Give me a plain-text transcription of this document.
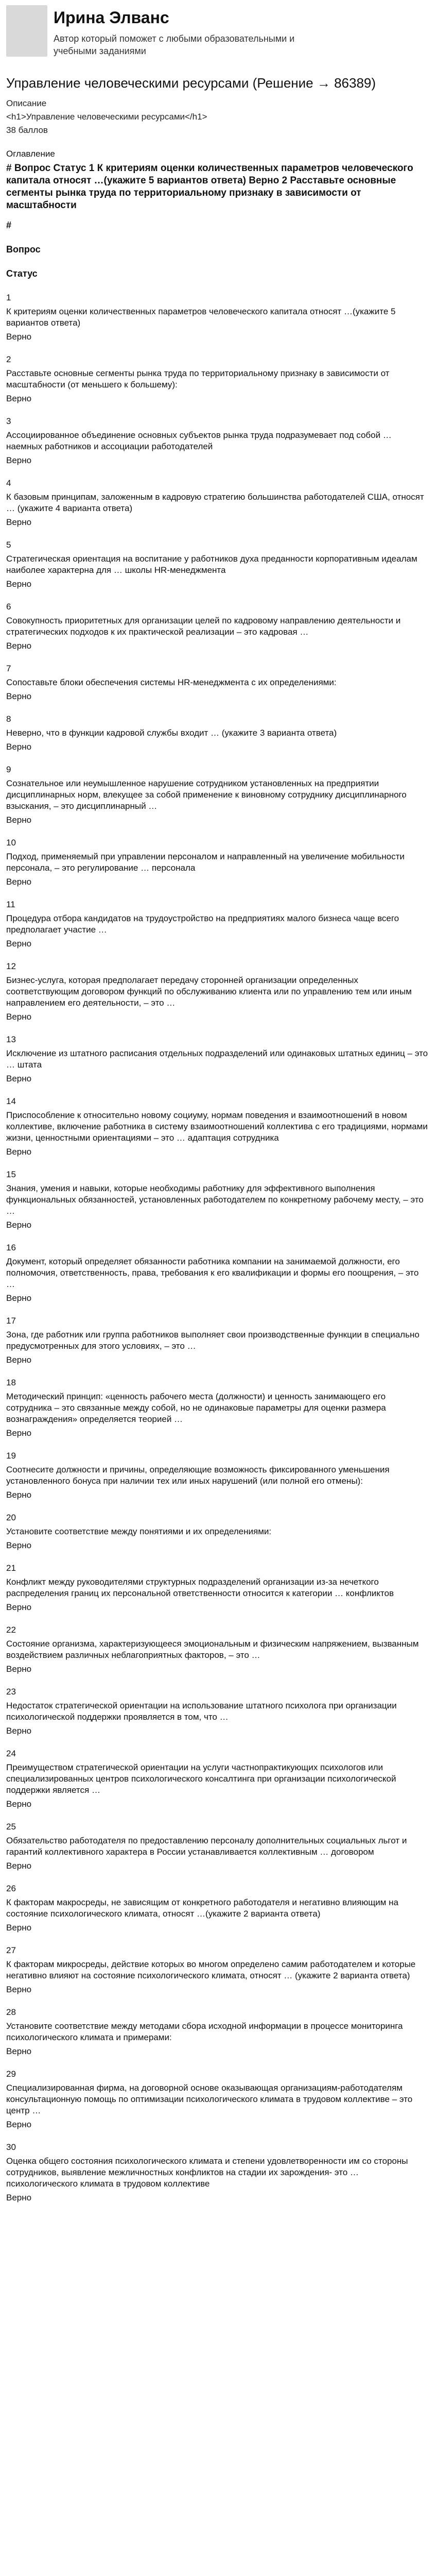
Ирина Элванс
Автор который поможет с любыми образовательными и учебными заданиями
Управление человеческими ресурсами (Решение → 86389)
Описание
<h1>Управление человеческими ресурсами</h1>
38 баллов
Оглавление
# Вопрос Статус 1 К критериям оценки количественных параметров человеческого капитала относят …(укажите 5 вариантов ответа) Верно 2 Расставьте основные сегменты рынка труда по территориальному признаку в зависимости от масштабности
#
Вопрос
Статус
1
К критериям оценки количественных параметров человеческого капитала относят …(укажите 5 вариантов ответа)
Верно
2
Расставьте основные сегменты рынка труда по территориальному признаку в зависимости от масштабности (от меньшего к большему):
Верно
3
Ассоциированное объединение основных субъектов рынка труда подразумевает под собой … наемных работников и ассоциации работодателей
Верно
4
К базовым принципам, заложенным в кадровую стратегию большинства работодателей США, относят … (укажите 4 варианта ответа)
Верно
5
Стратегическая ориентация на воспитание у работников духа преданности корпоративным идеалам наиболее характерна для … школы HR-менеджмента
Верно
6
Совокупность приоритетных для организации целей по кадровому направлению деятельности и стратегических подходов к их практической реализации – это кадровая …
Верно
7
Сопоставьте блоки обеспечения системы HR-менеджмента с их определениями:
Верно
8
Неверно, что в функции кадровой службы входит … (укажите 3 варианта ответа)
Верно
9
Сознательное или неумышленное нарушение сотрудником установленных на предприятии дисциплинарных норм, влекущее за собой применение к виновному сотруднику дисциплинарного взыскания, – это дисциплинарный …
Верно
10
Подход, применяемый при управлении персоналом и направленный на увеличение мобильности персонала, – это регулирование … персонала
Верно
11
Процедура отбора кандидатов на трудоустройство на предприятиях малого бизнеса чаще всего предполагает участие …
Верно
12
Бизнес-услуга, которая предполагает передачу сторонней организации определенных соответствующим договором функций по обслуживанию клиента или по управлению тем или иным направлением его деятельности, – это …
Верно
13
Исключение из штатного расписания отдельных подразделений или одинаковых штатных единиц – это … штата
Верно
14
Приспособление к относительно новому социуму, нормам поведения и взаимоотношений в новом коллективе, включение работника в систему взаимоотношений коллектива с его традициями, нормами жизни, ценностными ориентациями – это … адаптация сотрудника
Верно
15
Знания, умения и навыки, которые необходимы работнику для эффективного выполнения функциональных обязанностей, установленных работодателем по конкретному рабочему месту, – это …
Верно
16
Документ, который определяет обязанности работника компании на занимаемой должности, его полномочия, ответственность, права, требования к его квалификации и формы его поощрения, – это …
Верно
17
Зона, где работник или группа работников выполняет свои производственные функции в специально предусмотренных для этого условиях, – это …
Верно
18
Методический принцип: «ценность рабочего места (должности) и ценность занимающего его сотрудника – это связанные между собой, но не одинаковые параметры для оценки размера вознаграждения» определяется теорией …
Верно
19
Соотнесите должности и причины, определяющие возможность фиксированного уменьшения установленного бонуса при наличии тех или иных нарушений (или полной его отмены):
Верно
20
Установите соответствие между понятиями и их определениями:
Верно
21
Конфликт между руководителями структурных подразделений организации из-за нечеткого распределения границ их персональной ответственности относится к категории … конфликтов
Верно
22
Состояние организма, характеризующееся эмоциональным и физическим напряжением, вызванным воздействием различных неблагоприятных факторов, – это …
Верно
23
Недостаток стратегической ориентации на использование штатного психолога при организации психологической поддержки проявляется в том, что …
Верно
24
Преимуществом стратегической ориентации на услуги частнопрактикующих психологов или специализированных центров психологического консалтинга при организации психологической поддержки является …
Верно
25
Обязательство работодателя по предоставлению персоналу дополнительных социальных льгот и гарантий коллективного характера в России устанавливается коллективным … договором
Верно
26
К факторам макросреды, не зависящим от конкретного работодателя и негативно влияющим на состояние психологического климата, относят …(укажите 2 варианта ответа)
Верно
27
К факторам микросреды, действие которых во многом определено самим работодателем и которые негативно влияют на состояние психологического климата, относят … (укажите 2 варианта ответа)
Верно
28
Установите соответствие между методами сбора исходной информации в процессе мониторинга психологического климата и примерами:
Верно
29
Специализированная фирма, на договорной основе оказывающая организациям-работодателям консультационную помощь по оптимизации психологического климата в трудовом коллективе – это центр …
Верно
30
Оценка общего состояния психологического климата и степени удовлетворенности им со стороны сотрудников, выявление межличностных конфликтов на стадии их зарождения- это … психологического климата в трудовом коллективе
Верно
